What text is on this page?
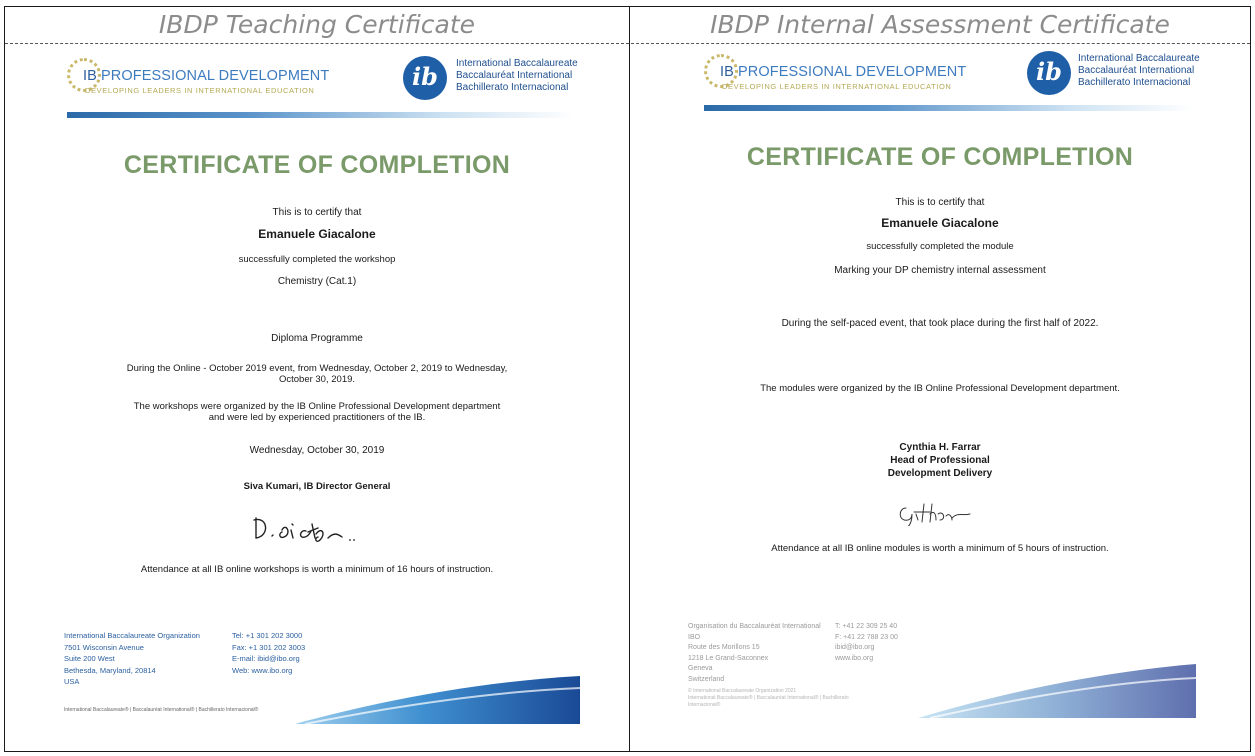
IBDP Teaching Certificate	IBDP Internal Assessment Certificate
IB PROFESSIONAL DEVELOPMENT
DEVELOPING LEADERS IN INTERNATIONAL EDUCATION	ib	International Baccalaureate
Baccalauréat International
Bachillerato Internacional
CERTIFICATE OF COMPLETION
This is to certify that
Emanuele Giacalone
successfully completed the workshop
Chemistry (Cat.1)
Diploma Programme
During the Online - October 2019 event, from Wednesday, October 2, 2019 to Wednesday,
October 30, 2019.
The workshops were organized by the IB Online Professional Development department
and were led by experienced practitioners of the IB.
Wednesday, October 30, 2019
Siva Kumari, IB Director General
Attendance at all IB online workshops is worth a minimum of 16 hours of instruction.
International Baccalaureate Organization
7501 Wisconsin Avenue
Suite 200 West
Bethesda, Maryland, 20814
USA
Tel: +1 301 202 3000
Fax: +1 301 202 3003
E-mail: ibid@ibo.org
Web: www.ibo.org
International Baccalaureate® | Baccalauréat International® | Bachillerato Internacional®
IB PROFESSIONAL DEVELOPMENT
DEVELOPING LEADERS IN INTERNATIONAL EDUCATION
ib	International Baccalaureate
Baccalauréat International
Bachillerato Internacional
CERTIFICATE OF COMPLETION
This is to certify that
Emanuele Giacalone
successfully completed the module
Marking your DP chemistry internal assessment
During the self-paced event, that took place during the first half of 2022.
The modules were organized by the IB Online Professional Development department.
Cynthia H. Farrar
Head of Professional
Development Delivery
Attendance at all IB online modules is worth a minimum of 5 hours of instruction.
Organisation du Baccalauréat International
IBO
Route des Morillons 15
1218 Le Grand-Saconnex
Geneva
Switzerland
T: +41 22 309 25 40
F: +41 22 788 23 00
ibid@ibo.org
www.ibo.org
© International Baccalaureate Organization 2021
International Baccalaureate® | Baccalauréat International® | Bachillerato
Internacional®
